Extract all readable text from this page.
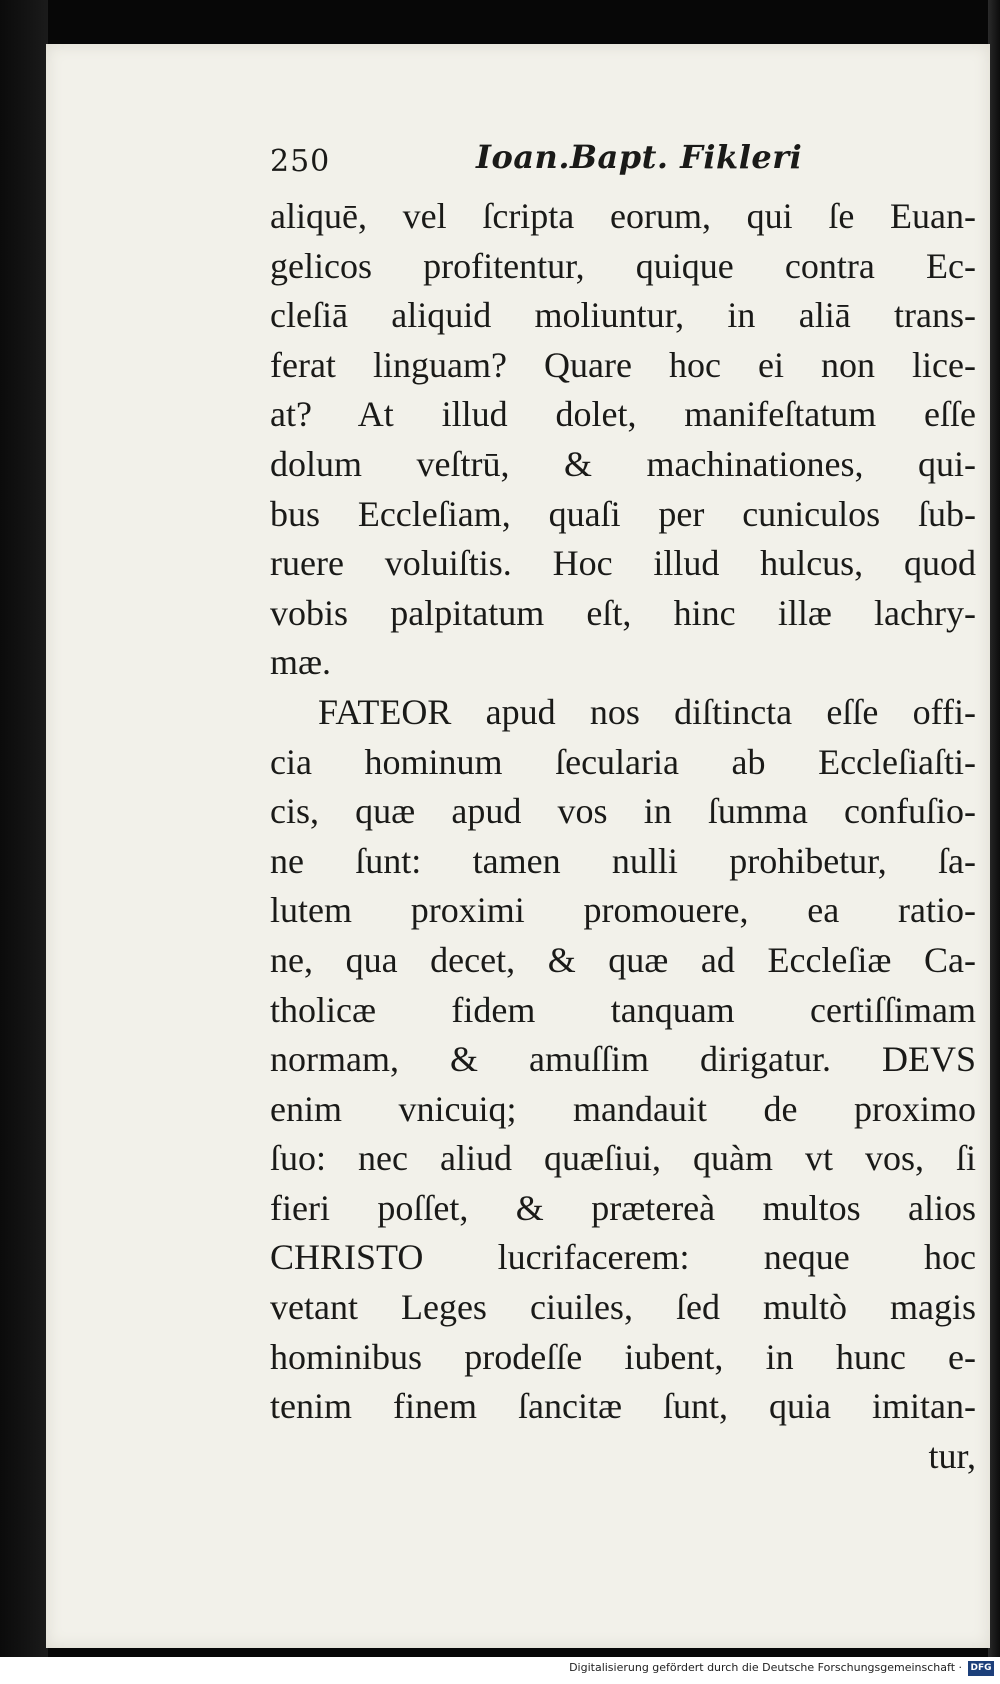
250	Ioan.Bapt. Fikleri
aliquē, vel ſcripta eorum, qui ſe Euan-
gelicos profitentur, quique contra Ec-
cleſiā aliquid moliuntur, in aliā trans-
ferat linguam? Quare hoc ei non lice-
at? At illud dolet, manifeſtatum eſſe
dolum veſtrū, & machinationes, qui-
bus Eccleſiam, quaſi per cuniculos ſub-
ruere voluiſtis. Hoc illud hulcus, quod
vobis palpitatum eſt, hinc illæ lachry-
mæ.
FATEOR apud nos diſtincta eſſe offi-
cia hominum ſecularia ab Eccleſiaſti-
cis, quæ apud vos in ſumma confuſio-
ne ſunt: tamen nulli prohibetur, ſa-
lutem proximi promouere, ea ratio-
ne, qua decet, & quæ ad Eccleſiæ Ca-
tholicæ fidem tanquam certiſſimam
normam, & amuſſim dirigatur. DEVS
enim vnicuiq; mandauit de proximo
ſuo: nec aliud quæſiui, quàm vt vos, ſi
fieri poſſet, & prætereà multos alios
CHRISTO lucrifacerem: neque hoc
vetant Leges ciuiles, ſed multò magis
hominibus prodeſſe iubent, in hunc e-
tenim finem ſancitæ ſunt, quia imitan-
tur,
Digitalisierung gefördert durch die Deutsche Forschungsgemeinschaft · DFG
